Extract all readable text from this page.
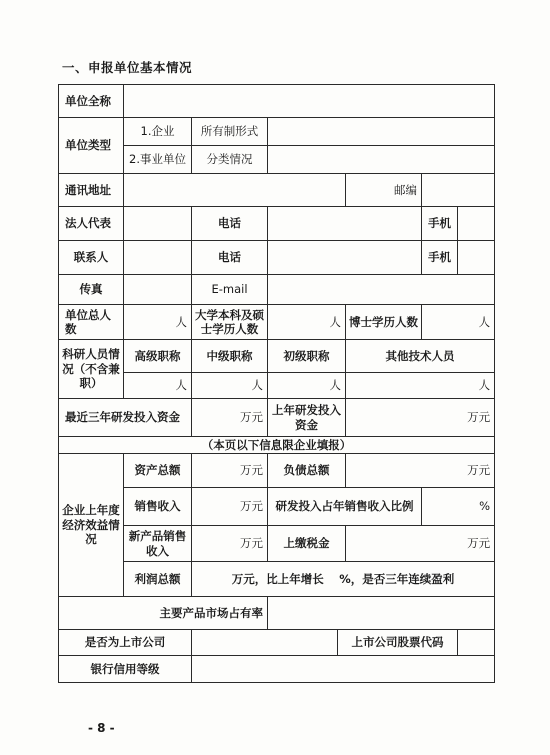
一、申报单位基本情况
单位全称							
单位类型	1.企业	所有制形式					
	2.事业单位	分类情况					
通讯地址					邮编		
法人代表		电话				手机	
联系人		电话				手机	
传真		E-mail					
单位总人数	人	大学本科及硕士学历人数	人		博士学历人数	人	
科研人员情况（不含兼职）	高级职称	中级职称	初级职称		其他技术人员		
	人	人	人		人		
最近三年研发投入资金		万元	上年研发投入资金		万元		
（本页以下信息限企业填报）							
企业上年度经济效益情况	资产总额	万元	负债总额		万元		
	销售收入	万元	研发投入占年销售收入比例			%	
	新产品销售收入	万元	上缴税金		万元		
	利润总额	万元，比上年增长　 %，是否三年连续盈利					
主要产品市场占有率							
是否为上市公司				上市公司股票代码			
银行信用等级							
- 8 -
